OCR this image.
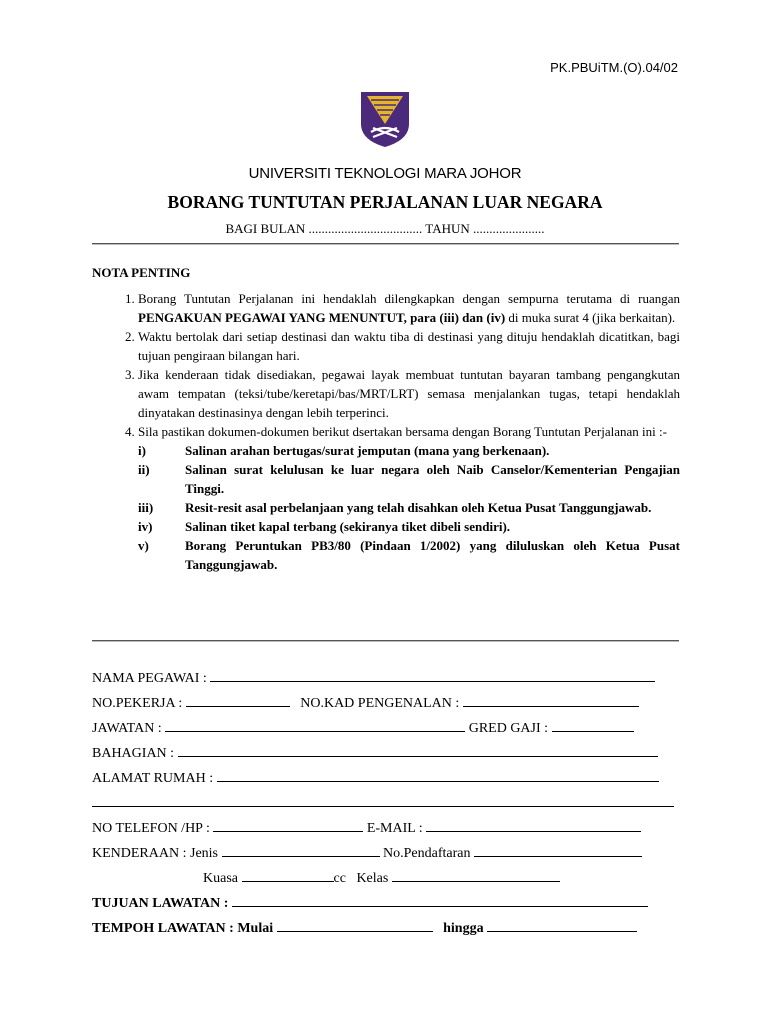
PK.PBUiTM.(O).04/02
UNIVERSITI TEKNOLOGI MARA JOHOR
BORANG TUNTUTAN PERJALANAN LUAR NEGARA
BAGI BULAN ................................... TAHUN ......................
NOTA PENTING
1. Borang Tuntutan Perjalanan ini hendaklah dilengkapkan dengan sempurna terutama di ruangan PENGAKUAN PEGAWAI YANG MENUNTUT, para (iii) dan (iv) di muka surat 4 (jika berkaitan).
2. Waktu bertolak dari setiap destinasi dan waktu tiba di destinasi yang dituju hendaklah dicatitkan, bagi tujuan pengiraan bilangan hari.
3. Jika kenderaan tidak disediakan, pegawai layak membuat tuntutan bayaran tambang pengangkutan awam tempatan (teksi/tube/keretapi/bas/MRT/LRT) semasa menjalankan tugas, tetapi hendaklah dinyatakan destinasinya dengan lebih terperinci.
4. Sila pastikan dokumen-dokumen berikut dsertakan bersama dengan Borang Tuntutan Perjalanan ini :-
i)	Salinan arahan bertugas/surat jemputan (mana yang berkenaan).
ii)	Salinan surat kelulusan ke luar negara oleh Naib Canselor/Kementerian Pengajian Tinggi.
iii)	Resit-resit asal perbelanjaan yang telah disahkan oleh Ketua Pusat Tanggungjawab.
iv)	Salinan tiket kapal terbang (sekiranya tiket dibeli sendiri).
v)	Borang Peruntukan PB3/80 (Pindaan 1/2002) yang diluluskan oleh Ketua Pusat Tanggungjawab.
NAMA PEGAWAI :
NO.PEKERJA :	NO.KAD PENGENALAN :
JAWATAN :	GRED GAJI :
BAHAGIAN :
ALAMAT RUMAH :
NO TELEFON /HP :	E-MAIL :
KENDERAAN : Jenis	No.Pendaftaran
Kuasa	cc Kelas
TUJUAN LAWATAN :
TEMPOH LAWATAN : Mulai	hingga
